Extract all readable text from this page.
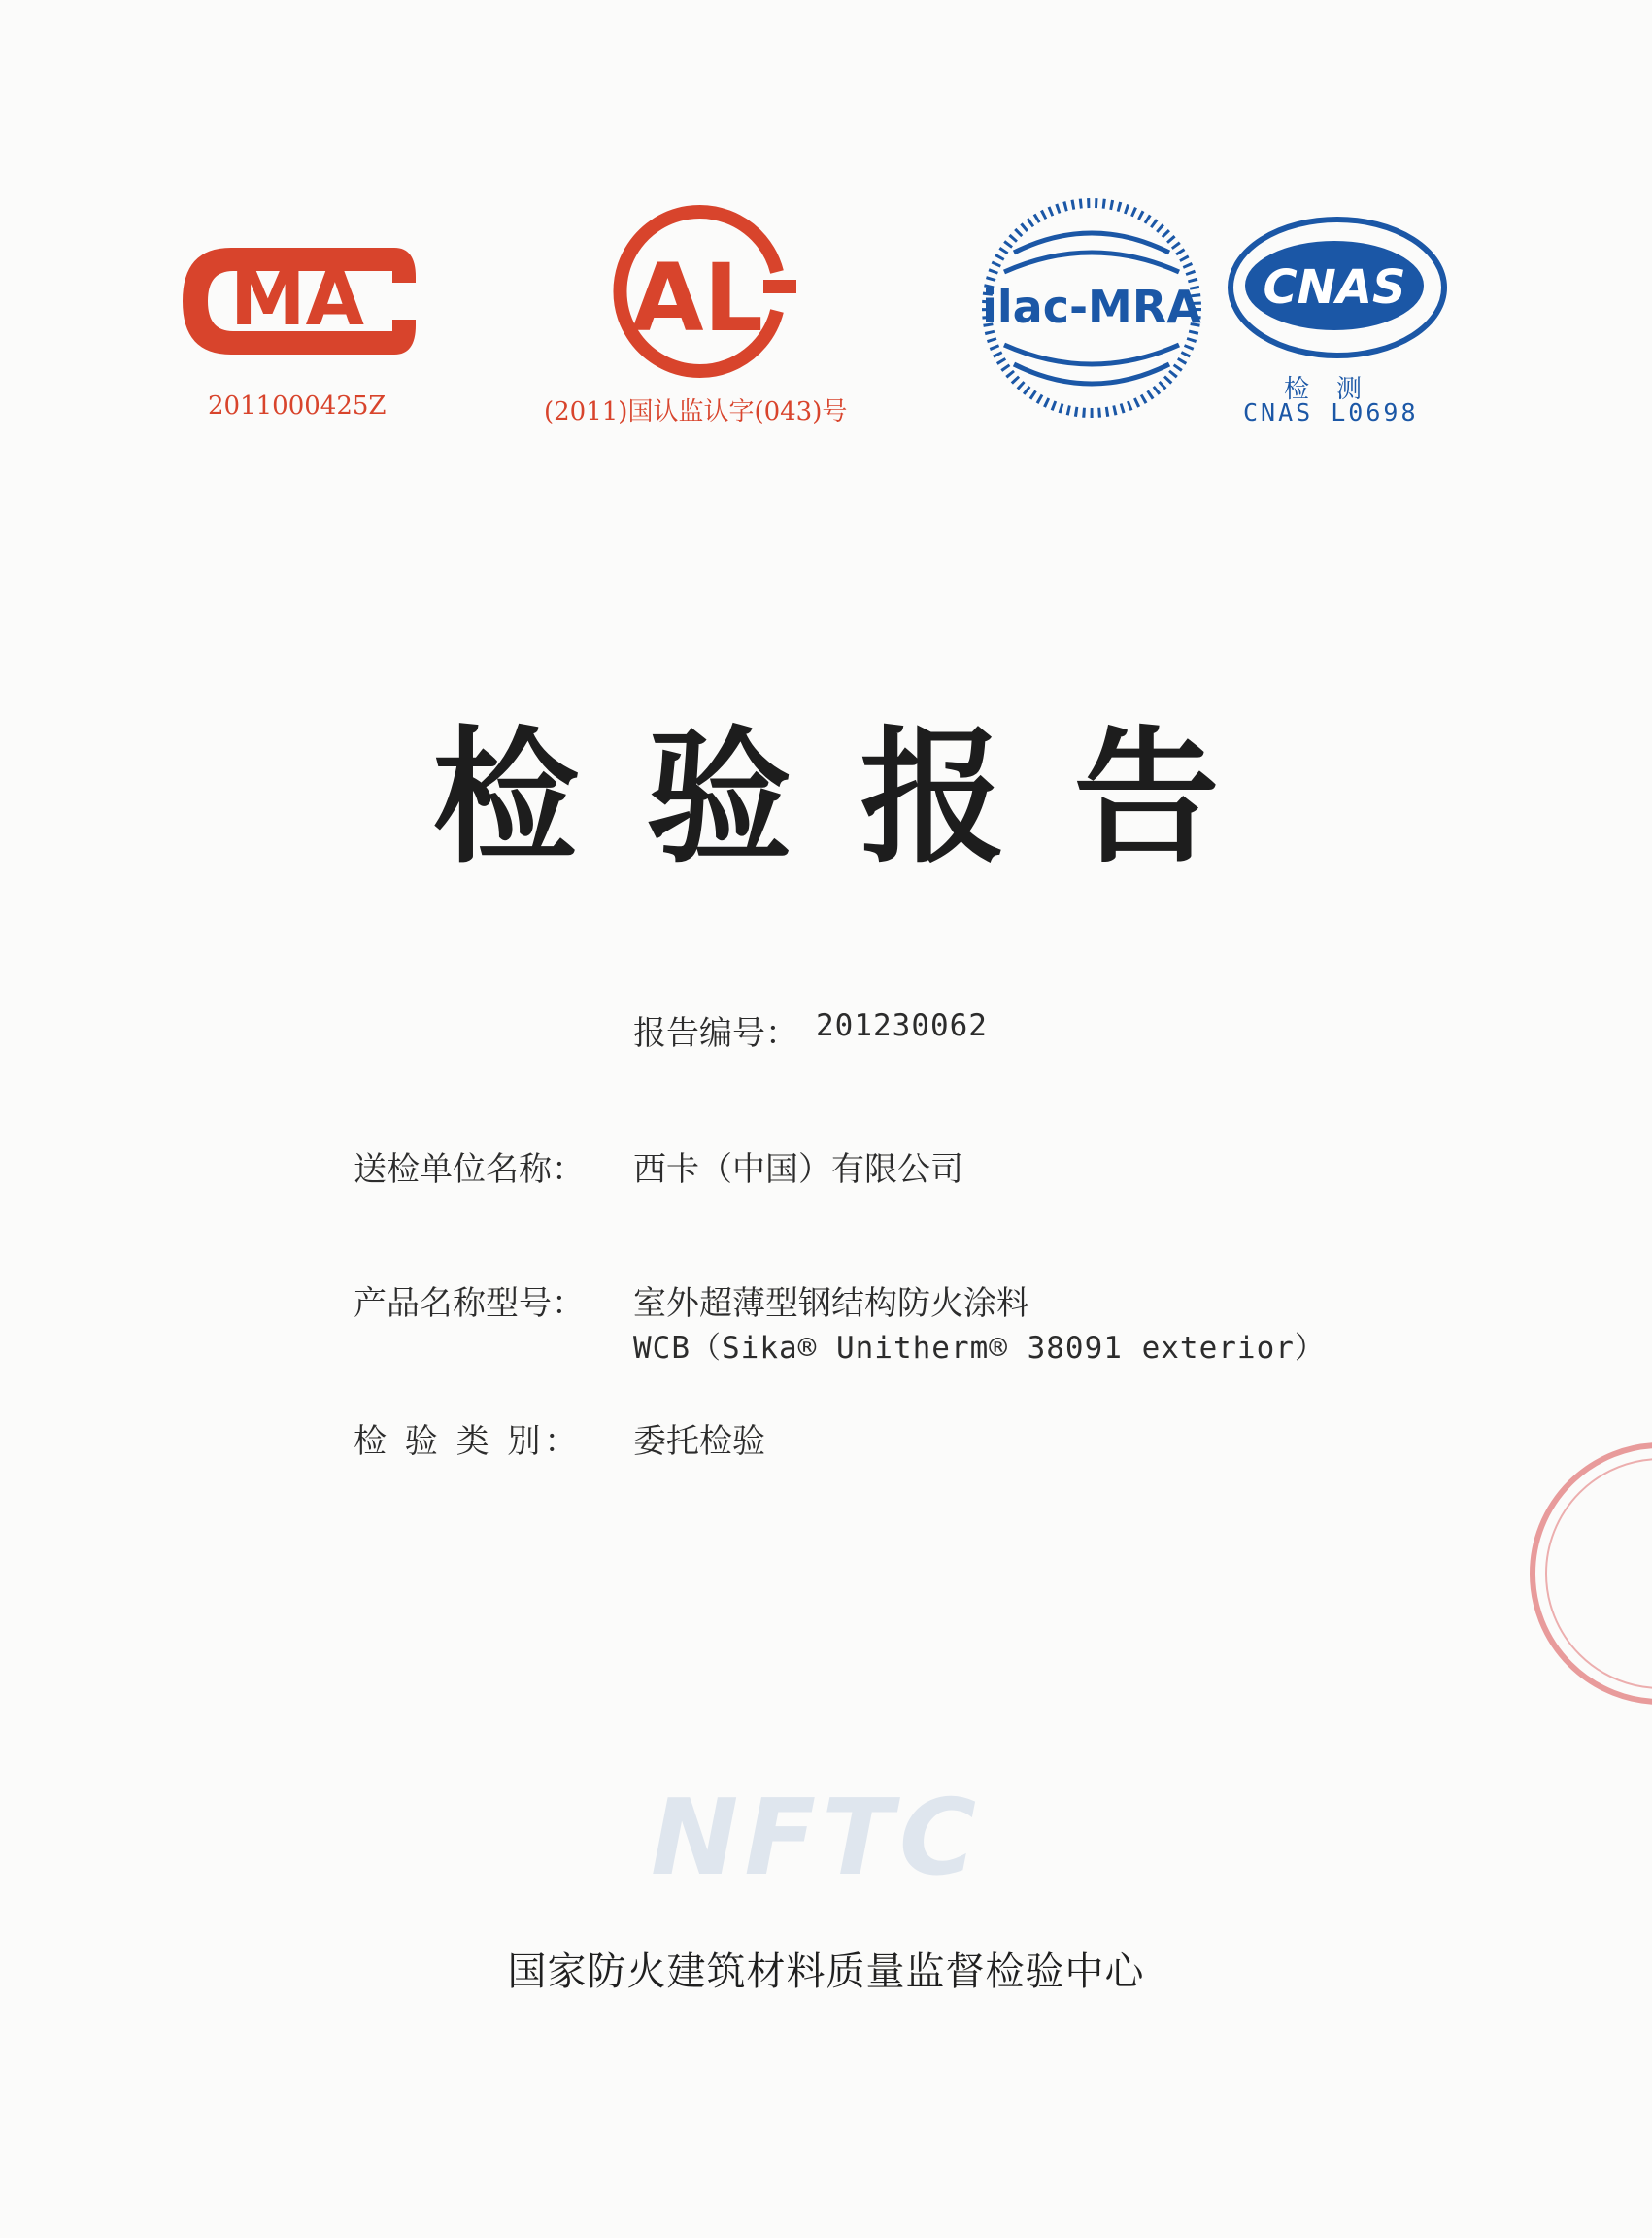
MA
2011000425Z
AL
(2011)国认监认字(043)号
ilac-MRA CNAS
检测
CNAS L0698
检验报告
报告编号： 201230062
送检单位名称： 西卡（中国）有限公司
产品名称型号： 室外超薄型钢结构防火涂料
WCB（Sika® Unitherm® 38091 exterior）
检 验 类 别： 委托检验
NFTC
国家防火建筑材料质量监督检验中心
